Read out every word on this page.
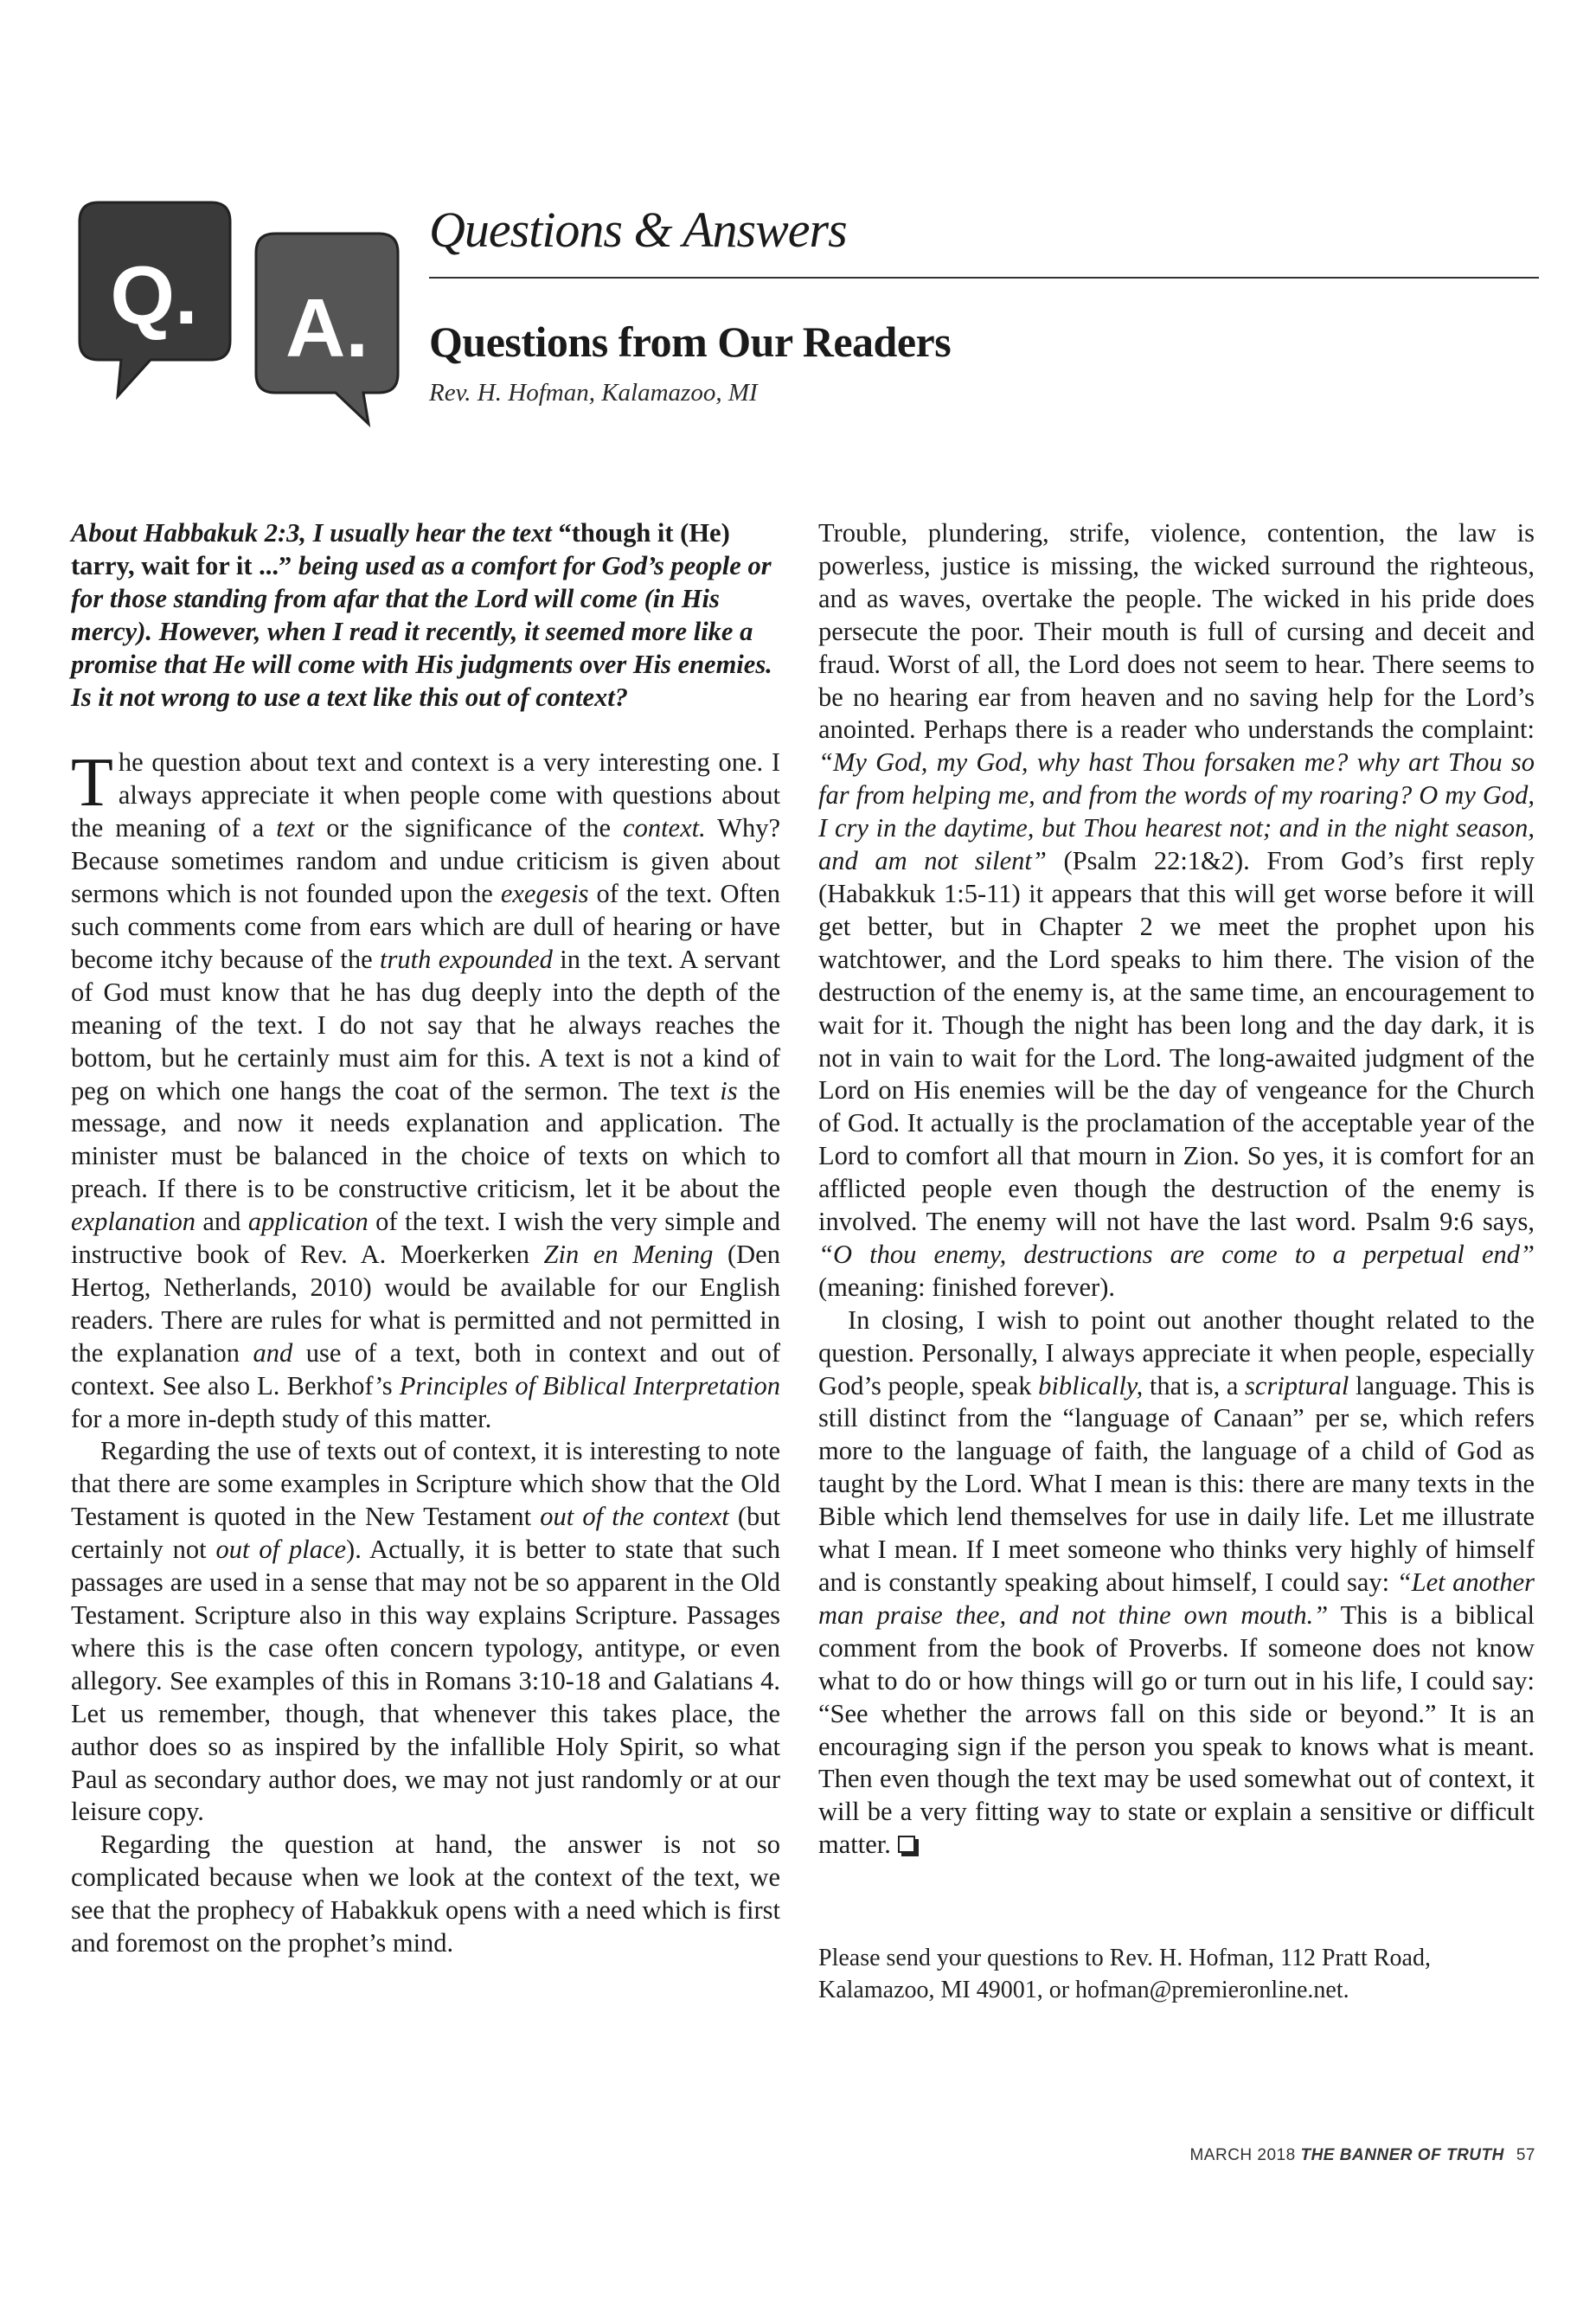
Q. A.
Questions & Answers
Questions from Our Readers

Rev. H. Hofman, Kalamazoo, MI

About Habbakuk 2:3, I usually hear the text “though it (He) tarry, wait for it ...” being used as a comfort for God’s people or for those standing from afar that the Lord will come (in His mercy). However, when I read it recently, it seemed more like a promise that He will come with His judgments over His enemies. Is it not wrong to use a text like this out of context?

The question about text and context is a very interesting one. I always appreciate it when people come with questions about the meaning of a text or the significance of the context. Why? Because sometimes random and undue criticism is given about sermons which is not founded upon the exegesis of the text. Often such comments come from ears which are dull of hearing or have become itchy because of the truth expounded in the text. A servant of God must know that he has dug deeply into the depth of the meaning of the text. I do not say that he always reaches the bottom, but he certainly must aim for this. A text is not a kind of peg on which one hangs the coat of the sermon. The text is the message, and now it needs explanation and application. The minister must be balanced in the choice of texts on which to preach. If there is to be constructive criticism, let it be about the explanation and application of the text. I wish the very simple and instructive book of Rev. A. Moerkerken Zin en Mening (Den Hertog, Netherlands, 2010) would be available for our English readers. There are rules for what is permitted and not permitted in the explanation and use of a text, both in context and out of context. See also L. Berkhof’s Principles of Biblical Interpretation for a more in-depth study of this matter.

Regarding the use of texts out of context, it is interesting to note that there are some examples in Scripture which show that the Old Testament is quoted in the New Testament out of the context (but certainly not out of place). Actually, it is better to state that such passages are used in a sense that may not be so apparent in the Old Testament. Scripture also in this way explains Scripture. Passages where this is the case often concern typology, antitype, or even allegory. See examples of this in Romans 3:10-18 and Galatians 4. Let us remember, though, that whenever this takes place, the author does so as inspired by the infallible Holy Spirit, so what Paul as secondary author does, we may not just randomly or at our leisure copy.

Regarding the question at hand, the answer is not so complicated because when we look at the context of the text, we see that the prophecy of Habakkuk opens with a need which is first and foremost on the prophet’s mind.

Trouble, plundering, strife, violence, contention, the law is powerless, justice is missing, the wicked surround the righteous, and as waves, overtake the people. The wicked in his pride does persecute the poor. Their mouth is full of cursing and deceit and fraud. Worst of all, the Lord does not seem to hear. There seems to be no hearing ear from heaven and no saving help for the Lord’s anointed. Perhaps there is a reader who understands the complaint: “My God, my God, why hast Thou forsaken me? why art Thou so far from helping me, and from the words of my roaring? O my God, I cry in the daytime, but Thou hearest not; and in the night season, and am not silent” (Psalm 22:1&2). From God’s first reply (Habakkuk 1:5-11) it appears that this will get worse before it will get better, but in Chapter 2 we meet the prophet upon his watchtower, and the Lord speaks to him there. The vision of the destruction of the enemy is, at the same time, an encouragement to wait for it. Though the night has been long and the day dark, it is not in vain to wait for the Lord. The long-awaited judgment of the Lord on His enemies will be the day of vengeance for the Church of God. It actually is the proclamation of the acceptable year of the Lord to comfort all that mourn in Zion. So yes, it is comfort for an afflicted people even though the destruction of the enemy is involved. The enemy will not have the last word. Psalm 9:6 says, “O thou enemy, destructions are come to a perpetual end” (meaning: finished forever).

In closing, I wish to point out another thought related to the question. Personally, I always appreciate it when people, especially God’s people, speak biblically, that is, a scriptural language. This is still distinct from the “language of Canaan” per se, which refers more to the language of faith, the language of a child of God as taught by the Lord. What I mean is this: there are many texts in the Bible which lend themselves for use in daily life. Let me illustrate what I mean. If I meet someone who thinks very highly of himself and is constantly speaking about himself, I could say: “Let another man praise thee, and not thine own mouth.” This is a biblical comment from the book of Proverbs. If someone does not know what to do or how things will go or turn out in his life, I could say: “See whether the arrows fall on this side or beyond.” It is an encouraging sign if the person you speak to knows what is meant. Then even though the text may be used somewhat out of context, it will be a very fitting way to state or explain a sensitive or difficult matter.

Please send your questions to Rev. H. Hofman, 112 Pratt Road, Kalamazoo, MI 49001, or hofman@premieronline.net.

MARCH 2018 THE BANNER OF TRUTH 57
